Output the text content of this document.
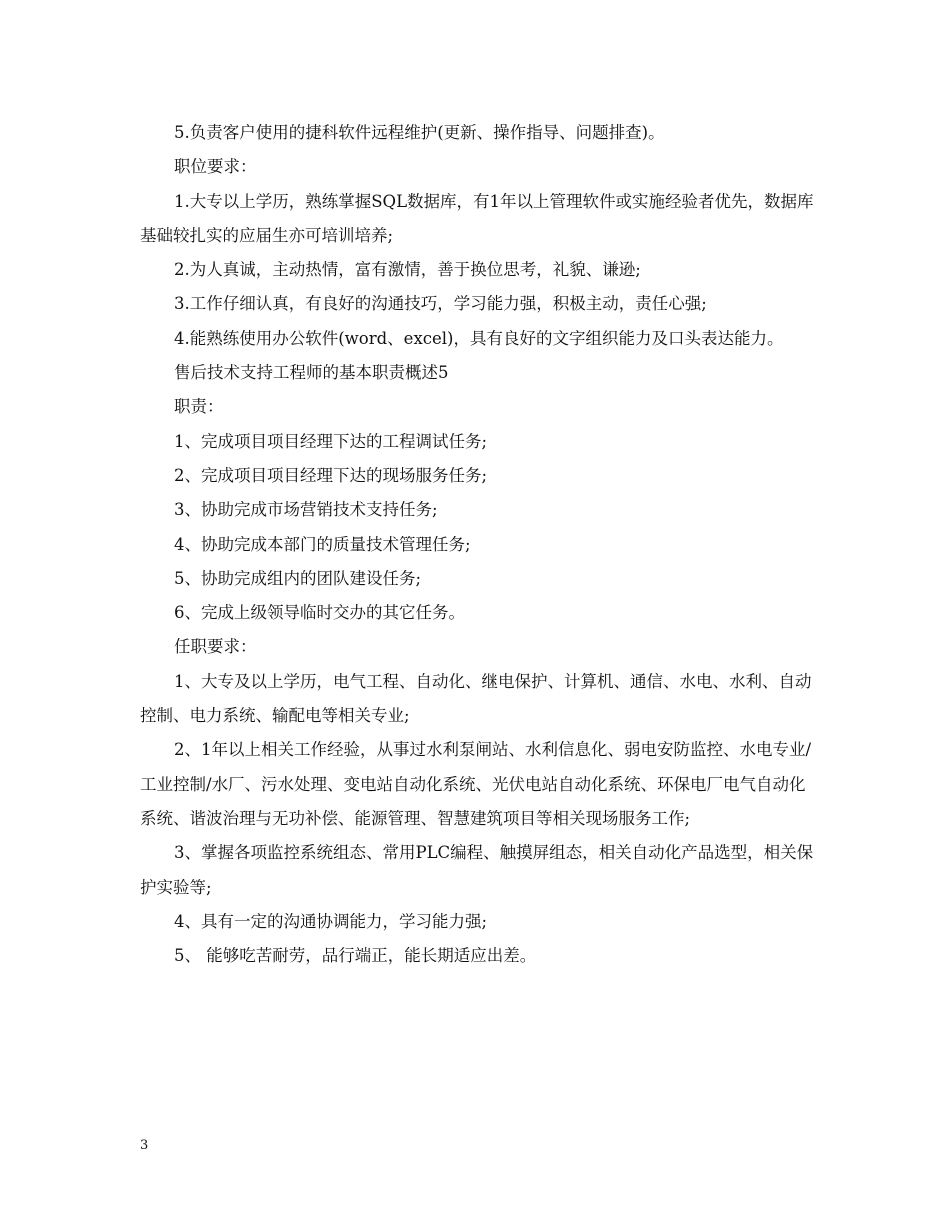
5.负责客户使用的捷科软件远程维护(更新、操作指导、问题排查)。

职位要求：

1.大专以上学历，熟练掌握SQL数据库，有1年以上管理软件或实施经验者优先，数据库基础较扎实的应届生亦可培训培养;

2.为人真诚，主动热情，富有激情，善于换位思考，礼貌、谦逊;

3.工作仔细认真，有良好的沟通技巧，学习能力强，积极主动，责任心强;

4.能熟练使用办公软件(word、excel)，具有良好的文字组织能力及口头表达能力。

售后技术支持工程师的基本职责概述5

职责：

1、完成项目项目经理下达的工程调试任务;

2、完成项目项目经理下达的现场服务任务;

3、协助完成市场营销技术支持任务;

4、协助完成本部门的质量技术管理任务;

5、协助完成组内的团队建设任务;

6、完成上级领导临时交办的其它任务。

任职要求：

1、大专及以上学历，电气工程、自动化、继电保护、计算机、通信、水电、水利、自动控制、电力系统、输配电等相关专业;

2、1年以上相关工作经验，从事过水利泵闸站、水利信息化、弱电安防监控、水电专业/工业控制/水厂、污水处理、变电站自动化系统、光伏电站自动化系统、环保电厂电气自动化系统、谐波治理与无功补偿、能源管理、智慧建筑项目等相关现场服务工作;

3、掌握各项监控系统组态、常用PLC编程、触摸屏组态，相关自动化产品选型，相关保护实验等;

4、具有一定的沟通协调能力，学习能力强;

5、 能够吃苦耐劳，品行端正，能长期适应出差。

3
